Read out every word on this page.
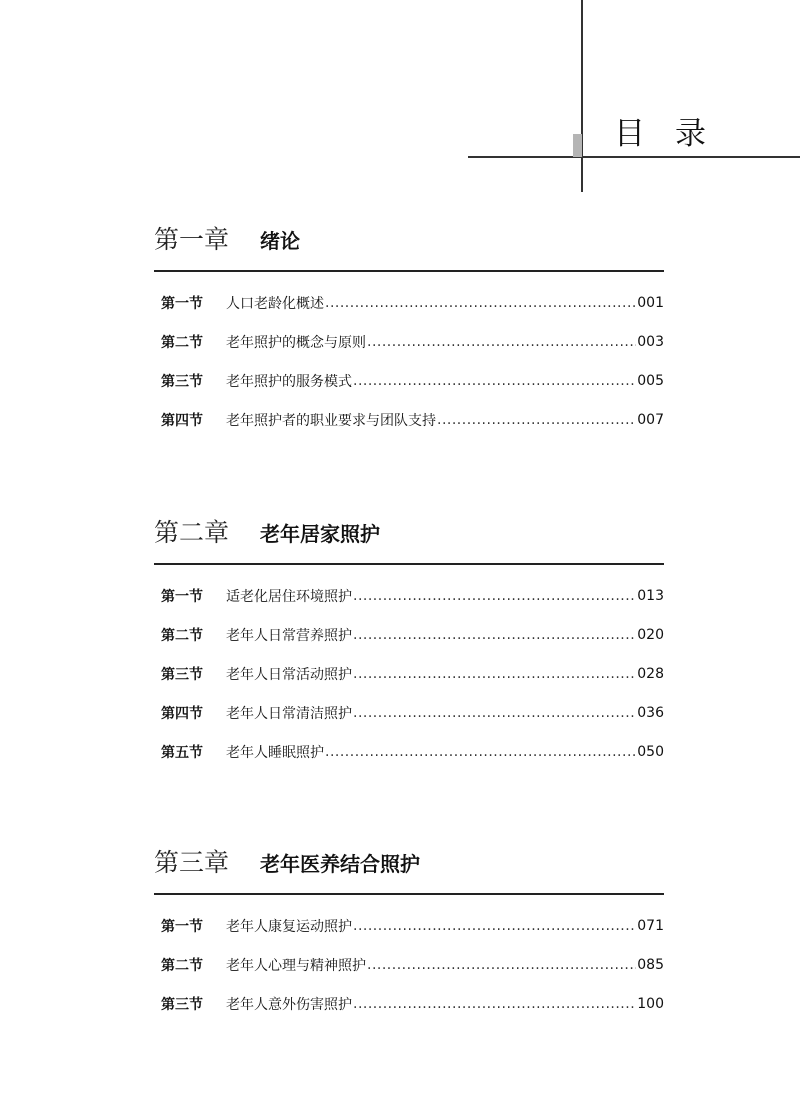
目录
第一章	绪论
第一节	人口老龄化概述 .....	001
第二节	老年照护的概念与原则 .....	003
第三节	老年照护的服务模式 .....	005
第四节	老年照护者的职业要求与团队支持 .....	007
第二章	老年居家照护
第一节	适老化居住环境照护 .....	013
第二节	老年人日常营养照护 .....	020
第三节	老年人日常活动照护 .....	028
第四节	老年人日常清洁照护 .....	036
第五节	老年人睡眠照护 .....	050
第三章	老年医养结合照护
第一节	老年人康复运动照护 .....	071
第二节	老年人心理与精神照护 .....	085
第三节	老年人意外伤害照护 .....	100
